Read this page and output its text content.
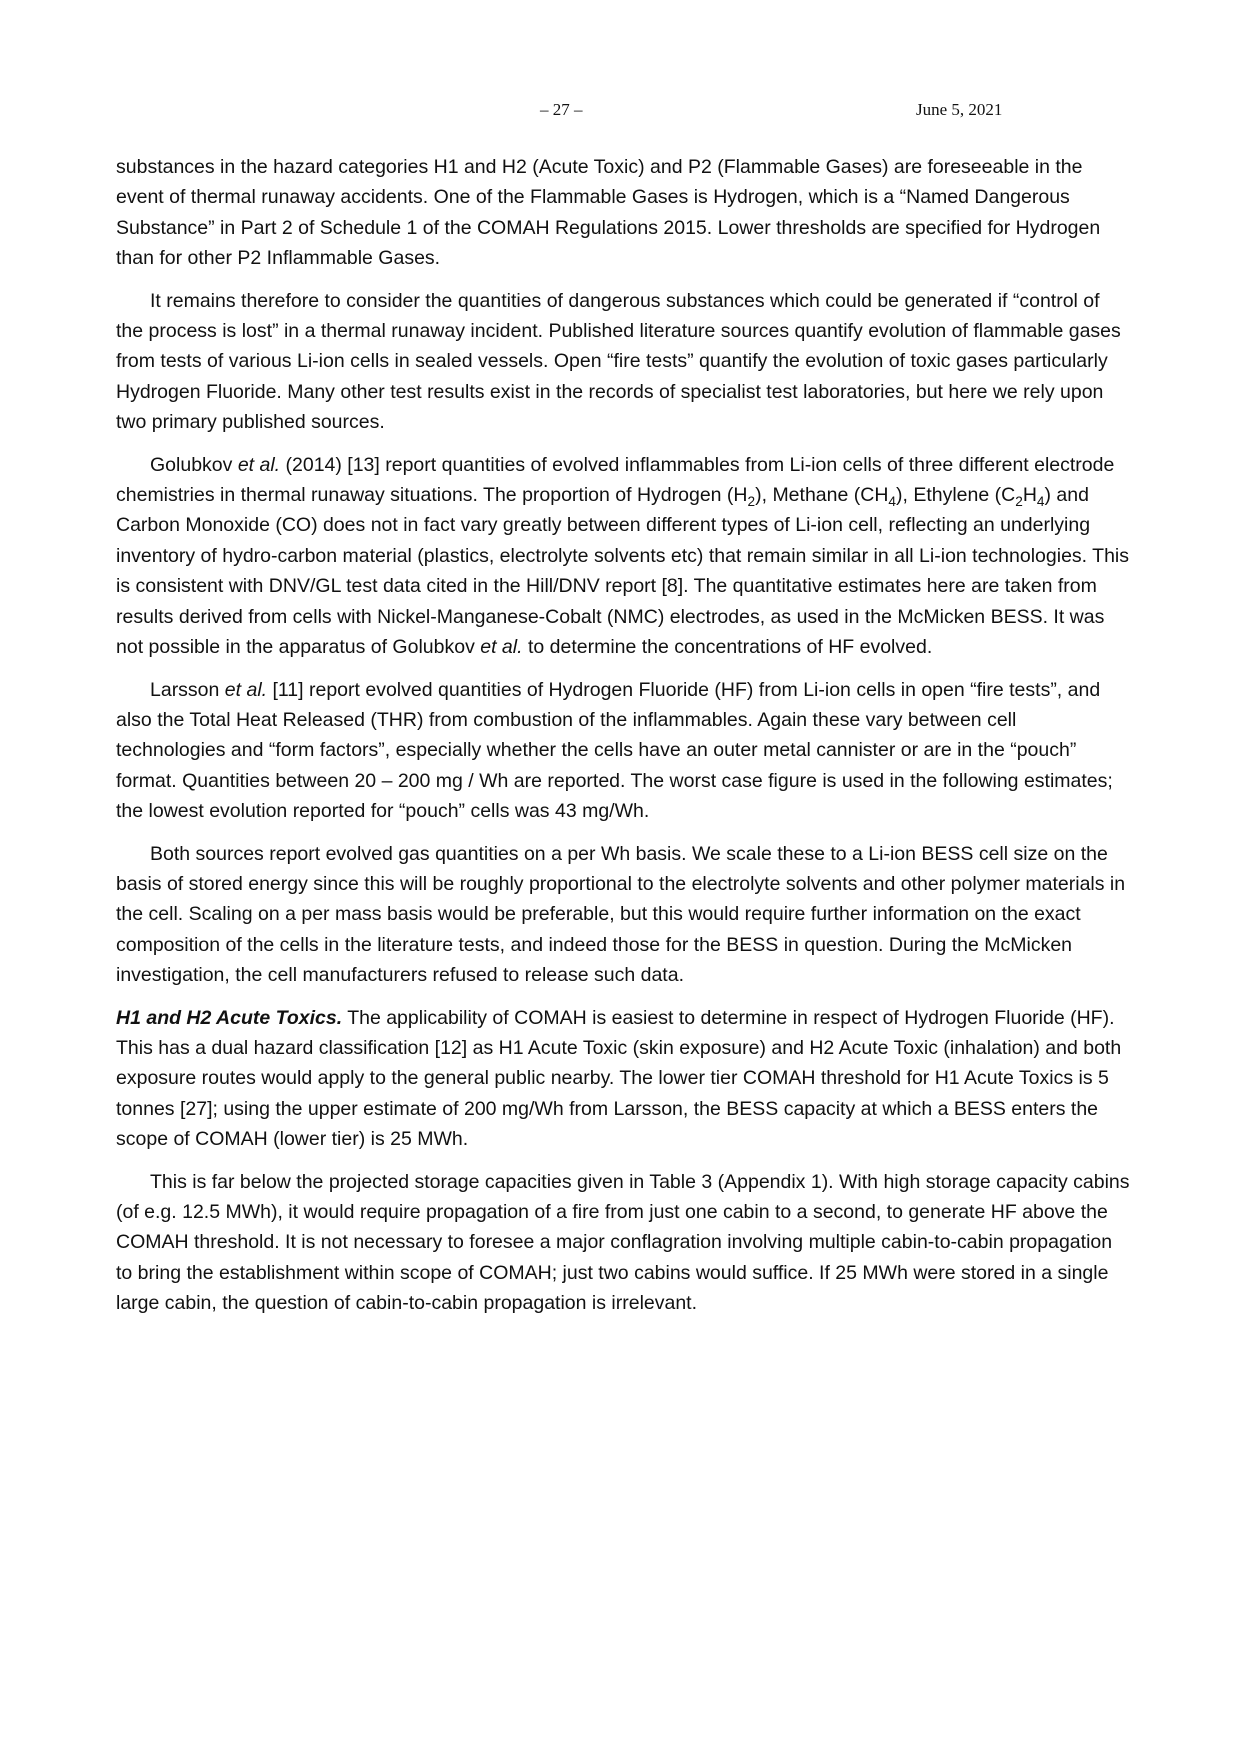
– 27 –	June 5, 2021

substances in the hazard categories H1 and H2 (Acute Toxic) and P2 (Flammable Gases) are foreseeable in the event of thermal runaway accidents. One of the Flammable Gases is Hydrogen, which is a “Named Dangerous Substance” in Part 2 of Schedule 1 of the COMAH Regulations 2015. Lower thresholds are specified for Hydrogen than for other P2 Inflammable Gases.

It remains therefore to consider the quantities of dangerous substances which could be generated if “control of the process is lost” in a thermal runaway incident. Published literature sources quantify evolution of flammable gases from tests of various Li-ion cells in sealed vessels. Open “fire tests” quantify the evolution of toxic gases particularly Hydrogen Fluoride. Many other test results exist in the records of specialist test laboratories, but here we rely upon two primary published sources.

Golubkov et al. (2014) [13] report quantities of evolved inflammables from Li-ion cells of three different electrode chemistries in thermal runaway situations. The proportion of Hydrogen $(H_2)$, Methane $(CH_4)$, Ethylene $(C_2H_4)$ and Carbon Monoxide (CO) does not in fact vary greatly between different types of Li-ion cell, reflecting an underlying inventory of hydro-carbon material (plastics, electrolyte solvents etc) that remain similar in all Li-ion technologies. This is consistent with DNV/GL test data cited in the Hill/DNV report [8]. The quantitative estimates here are taken from results derived from cells with Nickel-Manganese-Cobalt (NMC) electrodes, as used in the McMicken BESS. It was not possible in the apparatus of Golubkov et al. to determine the concentrations of HF evolved.

Larsson et al. [11] report evolved quantities of Hydrogen Fluoride (HF) from Li-ion cells in open “fire tests”, and also the Total Heat Released (THR) from combustion of the inflammables. Again these vary between cell technologies and “form factors”, especially whether the cells have an outer metal cannister or are in the “pouch” format. Quantities between 20 – 200 mg / Wh are reported. The worst case figure is used in the following estimates; the lowest evolution reported for “pouch” cells was 43 mg/Wh.

Both sources report evolved gas quantities on a per Wh basis. We scale these to a Li-ion BESS cell size on the basis of stored energy since this will be roughly proportional to the electrolyte solvents and other polymer materials in the cell. Scaling on a per mass basis would be preferable, but this would require further information on the exact composition of the cells in the literature tests, and indeed those for the BESS in question. During the McMicken investigation, the cell manufacturers refused to release such data.

H1 and H2 Acute Toxics. The applicability of COMAH is easiest to determine in respect of Hydrogen Fluoride (HF). This has a dual hazard classification [12] as H1 Acute Toxic (skin exposure) and H2 Acute Toxic (inhalation) and both exposure routes would apply to the general public nearby. The lower tier COMAH threshold for H1 Acute Toxics is 5 tonnes [27]; using the upper estimate of 200 mg/Wh from Larsson, the BESS capacity at which a BESS enters the scope of COMAH (lower tier) is 25 MWh.

This is far below the projected storage capacities given in Table 3 (Appendix 1). With high storage capacity cabins (of e.g. 12.5 MWh), it would require propagation of a fire from just one cabin to a second, to generate HF above the COMAH threshold. It is not necessary to foresee a major conflagration involving multiple cabin-to-cabin propagation to bring the establishment within scope of COMAH; just two cabins would suffice. If 25 MWh were stored in a single large cabin, the question of cabin-to-cabin propagation is irrelevant.
